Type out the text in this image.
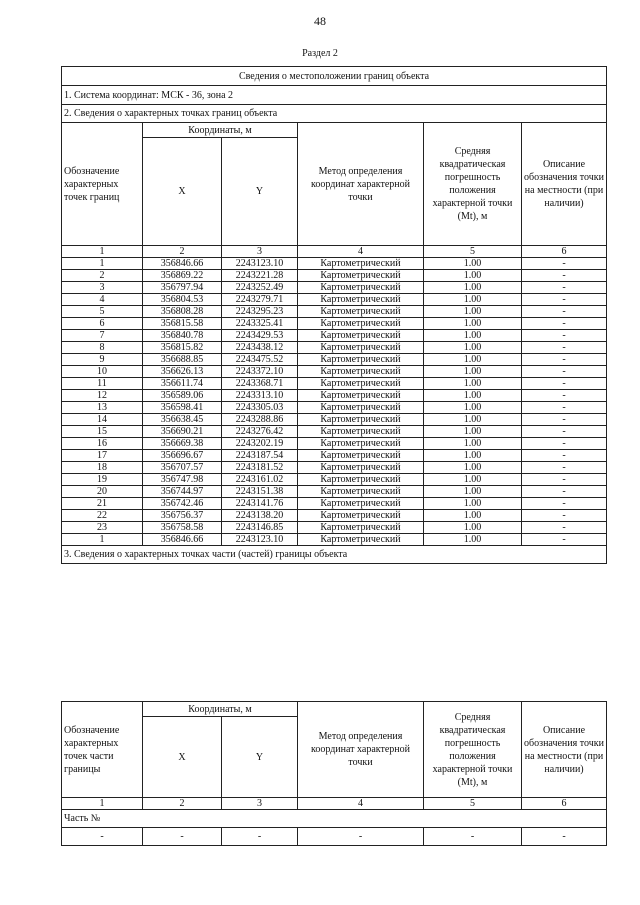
48
Раздел 2
Сведения о местоположении границ объекта					
1. Система координат: МСК - 36, зона 2					
2. Сведения о характерных точках границ объекта					
Обозначение характерных точек границ	Координаты, м		Метод определения координат характерной точки	Средняя квадратическая погрешность положения характерной точки (Mt), м	Описание обозначения точки на местности (при наличии)
	X	Y			
1	2	3	4	5	6
1	356846.66	2243123.10	Картометрический	1.00	-
2	356869.22	2243221.28	Картометрический	1.00	-
3	356797.94	2243252.49	Картометрический	1.00	-
4	356804.53	2243279.71	Картометрический	1.00	-
5	356808.28	2243295.23	Картометрический	1.00	-
6	356815.58	2243325.41	Картометрический	1.00	-
7	356840.78	2243429.53	Картометрический	1.00	-
8	356815.82	2243438.12	Картометрический	1.00	-
9	356688.85	2243475.52	Картометрический	1.00	-
10	356626.13	2243372.10	Картометрический	1.00	-
11	356611.74	2243368.71	Картометрический	1.00	-
12	356589.06	2243313.10	Картометрический	1.00	-
13	356598.41	2243305.03	Картометрический	1.00	-
14	356638.45	2243288.86	Картометрический	1.00	-
15	356690.21	2243276.42	Картометрический	1.00	-
16	356669.38	2243202.19	Картометрический	1.00	-
17	356696.67	2243187.54	Картометрический	1.00	-
18	356707.57	2243181.52	Картометрический	1.00	-
19	356747.98	2243161.02	Картометрический	1.00	-
20	356744.97	2243151.38	Картометрический	1.00	-
21	356742.46	2243141.76	Картометрический	1.00	-
22	356756.37	2243138.20	Картометрический	1.00	-
23	356758.58	2243146.85	Картометрический	1.00	-
1	356846.66	2243123.10	Картометрический	1.00	-
3. Сведения о характерных точках части (частей) границы объекта					
Обозначение характерных точек части границы	Координаты, м		Метод определения координат характерной точки	Средняя квадратическая погрешность положения характерной точки (Mt), м	Описание обозначения точки на местности (при наличии)
	X	Y			
1	2	3	4	5	6
Часть №					
-	-	-	-	-	-
